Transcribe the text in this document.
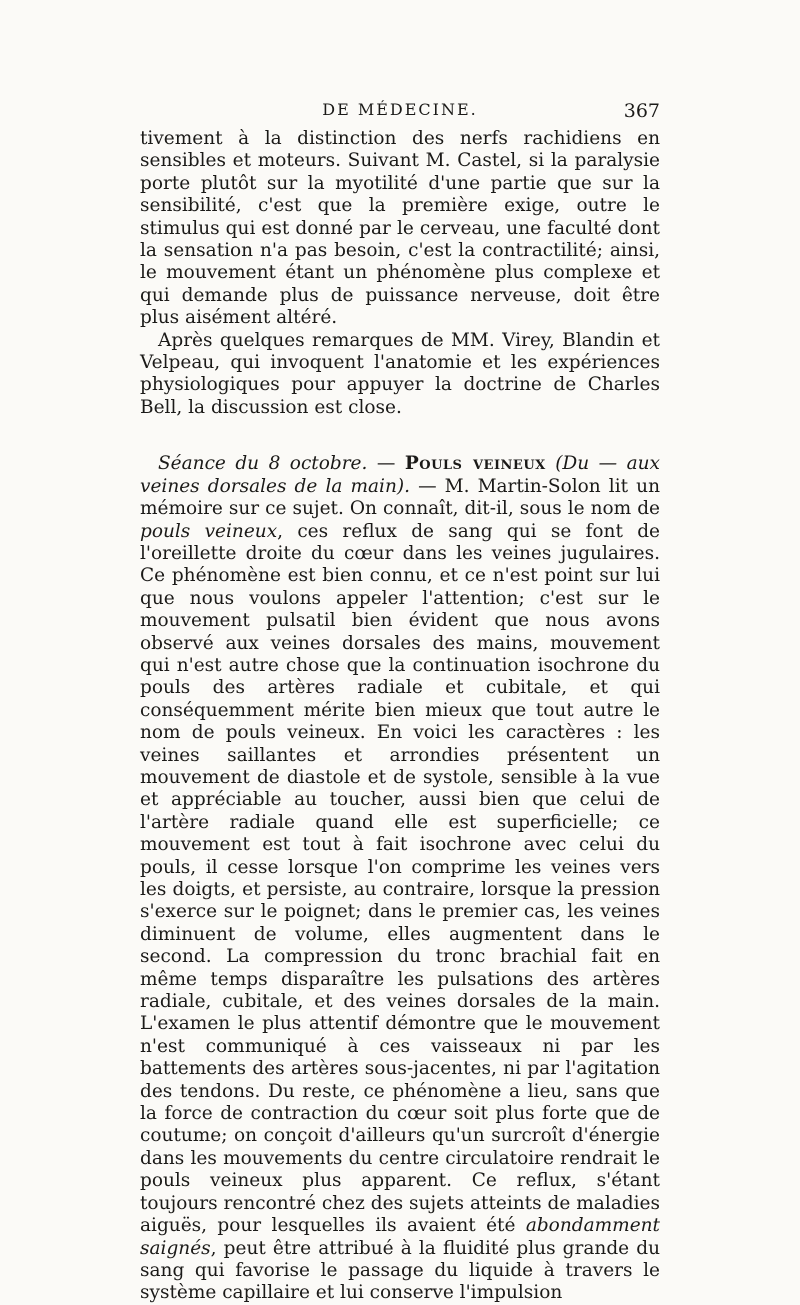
DE MÉDECINE.	367

tivement à la distinction des nerfs rachidiens en sensibles et moteurs. Suivant M. Castel, si la paralysie porte plutôt sur la myotilité d'une partie que sur la sensibilité, c'est que la première exige, outre le stimulus qui est donné par le cerveau, une faculté dont la sensation n'a pas besoin, c'est la contractilité; ainsi, le mouvement étant un phénomène plus complexe et qui demande plus de puissance nerveuse, doit être plus aisément altéré.

Après quelques remarques de MM. Virey, Blandin et Velpeau, qui invoquent l'anatomie et les expériences physiologiques pour appuyer la doctrine de Charles Bell, la discussion est close.

Séance du 8 octobre. — Pouls veineux (Du — aux veines dorsales de la main). — M. Martin-Solon lit un mémoire sur ce sujet. On connaît, dit-il, sous le nom de pouls veineux, ces reflux de sang qui se font de l'oreillette droite du cœur dans les veines jugulaires. Ce phénomène est bien connu, et ce n'est point sur lui que nous voulons appeler l'attention; c'est sur le mouvement pulsatil bien évident que nous avons observé aux veines dorsales des mains, mouvement qui n'est autre chose que la continuation isochrone du pouls des artères radiale et cubitale, et qui conséquemment mérite bien mieux que tout autre le nom de pouls veineux. En voici les caractères : les veines saillantes et arrondies présentent un mouvement de diastole et de systole, sensible à la vue et appréciable au toucher, aussi bien que celui de l'artère radiale quand elle est superficielle; ce mouvement est tout à fait isochrone avec celui du pouls, il cesse lorsque l'on comprime les veines vers les doigts, et persiste, au contraire, lorsque la pression s'exerce sur le poignet; dans le premier cas, les veines diminuent de volume, elles augmentent dans le second. La compression du tronc brachial fait en même temps disparaître les pulsations des artères radiale, cubitale, et des veines dorsales de la main. L'examen le plus attentif démontre que le mouvement n'est communiqué à ces vaisseaux ni par les battements des artères sous-jacentes, ni par l'agitation des tendons. Du reste, ce phénomène a lieu, sans que la force de contraction du cœur soit plus forte que de coutume; on conçoit d'ailleurs qu'un surcroît d'énergie dans les mouvements du centre circulatoire rendrait le pouls veineux plus apparent. Ce reflux, s'étant toujours rencontré chez des sujets atteints de maladies aiguës, pour lesquelles ils avaient été abondamment saignés, peut être attribué à la fluidité plus grande du sang qui favorise le passage du liquide à travers le système capillaire et lui conserve l'impulsion
